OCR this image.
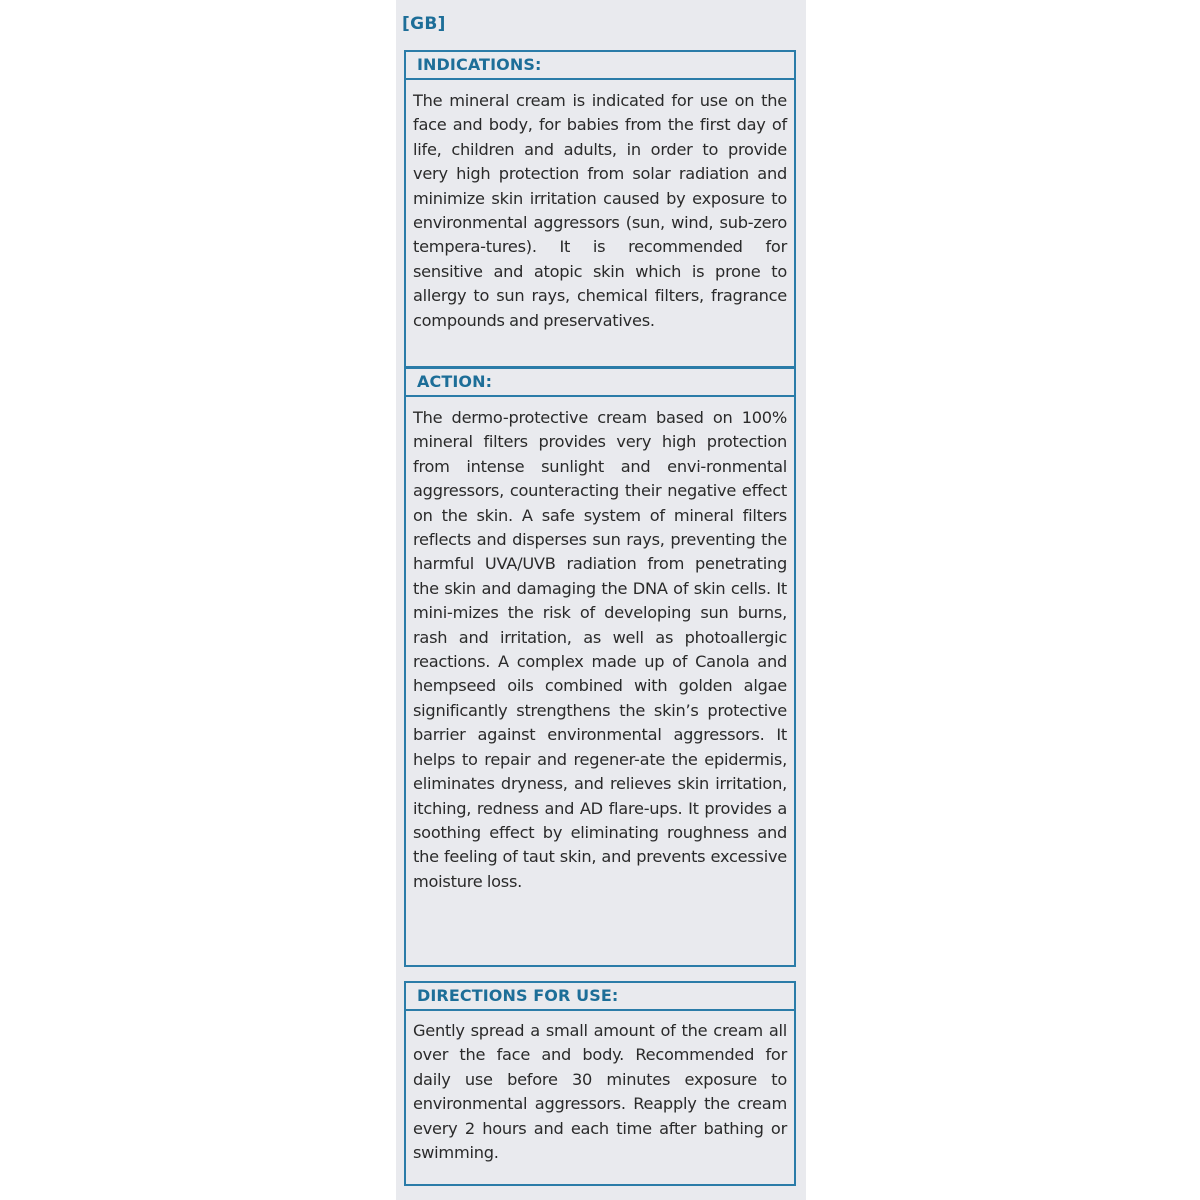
[GB]
INDICATIONS:
The mineral cream is indicated for use on the face and body, for babies from the first day of life, children and adults, in order to provide very high protection from solar radiation and minimize skin irritation caused by exposure to environmental aggressors (sun, wind, sub-zero tempera-tures). It is recommended for sensitive and atopic skin which is prone to allergy to sun rays, chemical filters, fragrance compounds and preservatives.
ACTION:
The dermo-protective cream based on 100% mineral filters provides very high protection from intense sunlight and envi-ronmental aggressors, counteracting their negative effect on the skin. A safe system of mineral filters reflects and disperses sun rays, preventing the harmful UVA/UVB radiation from penetrating the skin and damaging the DNA of skin cells. It mini-mizes the risk of developing sun burns, rash and irritation, as well as photoallergic reactions. A complex made up of Canola and hempseed oils combined with golden algae significantly strengthens the skin’s protective barrier against environmental aggressors. It helps to repair and regener-ate the epidermis, eliminates dryness, and relieves skin irritation, itching, redness and AD flare-ups. It provides a soothing effect by eliminating roughness and the feeling of taut skin, and prevents excessive moisture loss.
DIRECTIONS FOR USE:
Gently spread a small amount of the cream all over the face and body. Recommended for daily use before 30 minutes exposure to environmental aggressors. Reapply the cream every 2 hours and each time after bathing or swimming.
